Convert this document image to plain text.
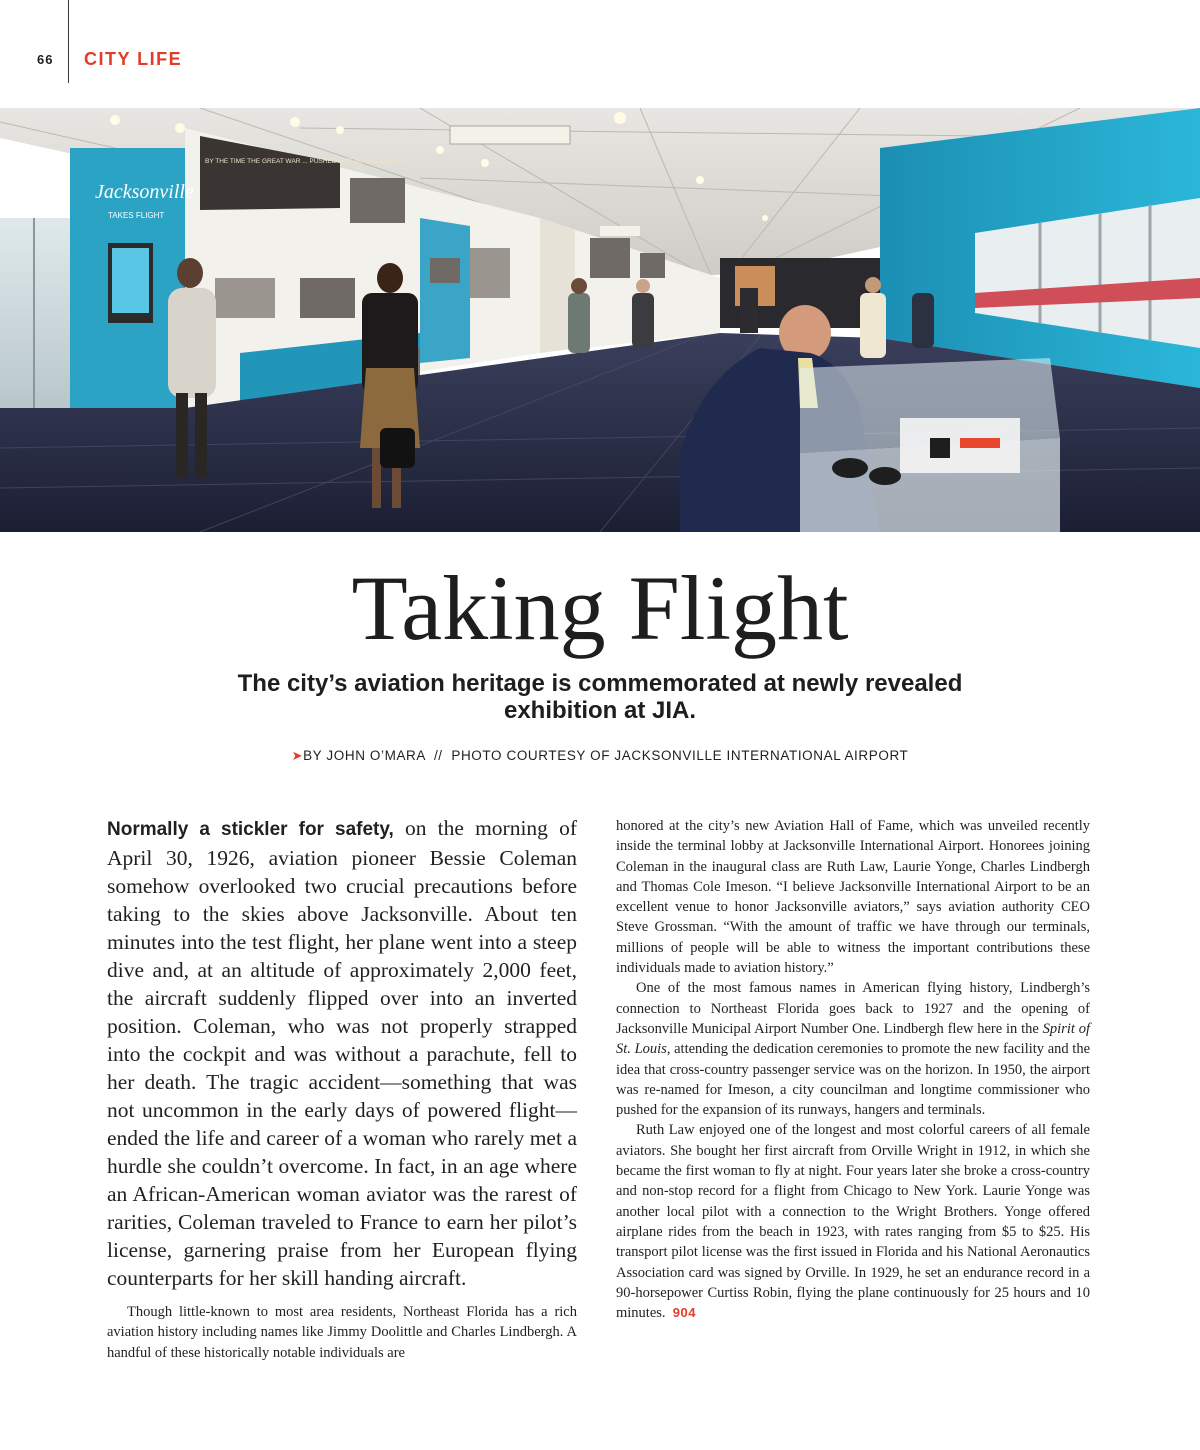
66 CITY LIFE
Jacksonville
TAKES FLIGHT
BY THE TIME THE GREAT WAR ... PUSHED FOR ADVANCEMENTS.
Taking Flight
The city’s aviation heritage is commemorated at newly revealed exhibition at JIA.
➤BY JOHN O’MARA  //  PHOTO COURTESY OF JACKSONVILLE INTERNATIONAL AIRPORT

Normally a stickler for safety, on the morning of April 30, 1926, aviation pioneer Bessie Coleman somehow overlooked two crucial precautions before taking to the skies above Jacksonville. About ten minutes into the test flight, her plane went into a steep dive and, at an altitude of approximately 2,000 feet, the aircraft suddenly flipped over into an inverted position. Coleman, who was not properly strapped into the cockpit and was without a parachute, fell to her death. The tragic accident—something that was not uncommon in the early days of powered flight—ended the life and career of a woman who rarely met a hurdle she couldn’t overcome. In fact, in an age where an African-American woman aviator was the rarest of rarities, Coleman traveled to France to earn her pilot’s license, garnering praise from her European flying counterparts for her skill handing aircraft.

Though little-known to most area residents, Northeast Florida has a rich aviation history including names like Jimmy Doolittle and Charles Lindbergh. A handful of these historically notable individuals are

honored at the city’s new Aviation Hall of Fame, which was unveiled recently inside the terminal lobby at Jacksonville International Airport. Honorees joining Coleman in the inaugural class are Ruth Law, Laurie Yonge, Charles Lindbergh and Thomas Cole Imeson. “I believe Jacksonville International Airport to be an excellent venue to honor Jacksonville aviators,” says aviation authority CEO Steve Grossman. “With the amount of traffic we have through our terminals, millions of people will be able to witness the important contributions these individuals made to aviation history.”

One of the most famous names in American flying history, Lindbergh’s connection to Northeast Florida goes back to 1927 and the opening of Jacksonville Municipal Airport Number One. Lindbergh flew here in the Spirit of St. Louis, attending the dedication ceremonies to promote the new facility and the idea that cross-country passenger service was on the horizon. In 1950, the airport was re-named for Imeson, a city councilman and longtime commissioner who pushed for the expansion of its runways, hangers and terminals.

Ruth Law enjoyed one of the longest and most colorful careers of all female aviators. She bought her first aircraft from Orville Wright in 1912, in which she became the first woman to fly at night. Four years later she broke a cross-country and non-stop record for a flight from Chicago to New York. Laurie Yonge was another local pilot with a connection to the Wright Brothers. Yonge offered airplane rides from the beach in 1923, with rates ranging from $5 to $25. His transport pilot license was the first issued in Florida and his National Aeronautics Association card was signed by Orville. In 1929, he set an endurance record in a 90-horsepower Curtiss Robin, flying the plane continuously for 25 hours and 10 minutes. 904
